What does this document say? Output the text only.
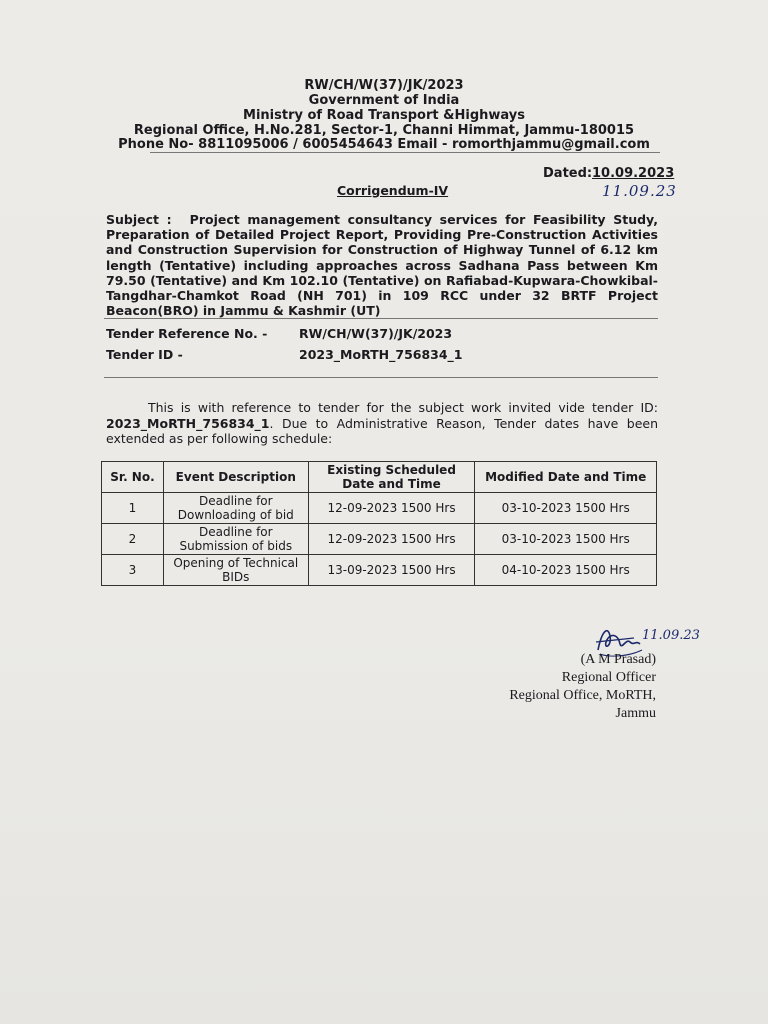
RW/CH/W(37)/JK/2023
Government of India
Ministry of Road Transport &Highways
Regional Office, H.No.281, Sector-1, Channi Himmat, Jammu-180015
Phone No- 8811095006 / 6005454643 Email - romorthjammu@gmail.com
Dated: 10.09.2023
11.09.23
Corrigendum-IV
Subject : Project management consultancy services for Feasibility Study, Preparation of Detailed Project Report, Providing Pre-Construction Activities and Construction Supervision for Construction of Highway Tunnel of 6.12 km length (Tentative) including approaches across Sadhana Pass between Km 79.50 (Tentative) and Km 102.10 (Tentative) on Rafiabad-Kupwara-Chowkibal-Tangdhar-Chamkot Road (NH 701) in 109 RCC under 32 BRTF Project Beacon(BRO) in Jammu & Kashmir (UT)
Tender Reference No. -	RW/CH/W(37)/JK/2023
Tender ID -	2023_MoRTH_756834_1
This is with reference to tender for the subject work invited vide tender ID: 2023_MoRTH_756834_1. Due to Administrative Reason, Tender dates have been extended as per following schedule:
Sr. No.	Event Description	Existing Scheduled Date and Time	Modified Date and Time
1	Deadline for Downloading of bid	12-09-2023 1500 Hrs	03-10-2023 1500 Hrs
2	Deadline for Submission of bids	12-09-2023 1500 Hrs	03-10-2023 1500 Hrs
3	Opening of Technical BIDs	13-09-2023 1500 Hrs	04-10-2023 1500 Hrs
11.09.23
(A M Prasad)
Regional Officer
Regional Office, MoRTH,
Jammu
